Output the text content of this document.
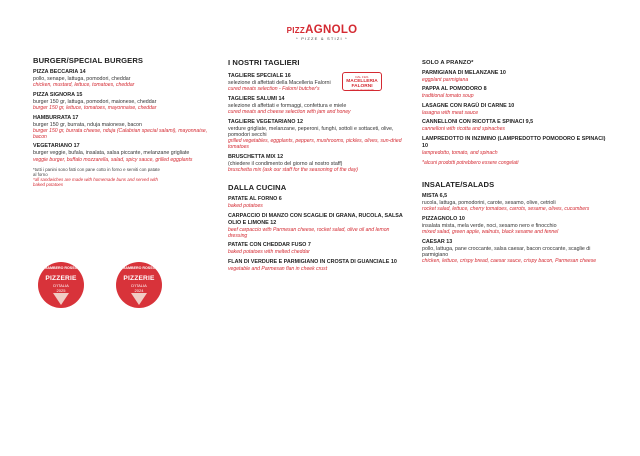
PIZZAGNOLO
* PIZZE & STIZI *
BURGER/SPECIAL BURGERS
PIZZA BECCARIA 14
pollo, senape, lattuga, pomodori, cheddar
chicken, mustard, lettuce, tomatoes, cheddar
PIZZA SIGNORA 15
burger 150 gr, lattuga, pomodori, maionese, cheddar
burger 150 gr, lettuce, tomatoes, mayonnaise, cheddar
HAMBURRATA 17
burger 150 gr, burrata, nduja maionese, bacon
burger 150 gr, burrata cheese, nduja (Calabrian special salami), mayonnaise, bacon
VEGETARIANO 17
burger veggie, bufala, insalata, salsa piccante, melanzane grigliate
veggie burger, buffalo mozzarella, salad, spicy sauce, grilled eggplants
*tutti i panini sono fatti con pane cotto in forno e serviti con patate al forno
*all sandwiches are made with homemade buns and served with baked potatoes
GAMBERO ROSSO
PIZZERIE
D'ITALIA
2025
GAMBERO ROSSO
PIZZERIE
D'ITALIA
2024
I NOSTRI TAGLIERI
TAGLIERE SPECIALE 16
selezione di affettati della Macelleria Falorni
cured meats selection - Falorni butcher's
TAGLIERE SALUMI 14
selezione di affettati e formaggi, confettura e miele
cured meats and cheese selection with jam and honey
TAGLIERE VEGETARIANO 12
verdure grigliate, melanzane, peperoni, funghi, sottoli e sottaceti, olive, pomodori secchi
grilled vegetables, eggplants, peppers, mushrooms, pickles, olives, sun-dried tomatoes
BRUSCHETTA MIX 12
(chiedere il condimento del giorno al nostro staff)
bruschetta mix (ask our staff for the seasoning of the day)
DALLA CUCINA
PATATE AL FORNO 6
baked potatoes
CARPACCIO DI MANZO CON SCAGLIE DI GRANA, RUCOLA, SALSA OLIO E LIMONE 12
beef carpaccio with Parmesan cheese, rocket salad, olive oil and lemon dressing
PATATE CON CHEDDAR FUSO 7
baked potatoes with melted cheddar
FLAN DI VERDURE E PARMIGIANO IN CROSTA DI GUANCIALE 10
vegetable and Parmesan flan in cheek crust
DAL 1921
MACELLERIA FALORNI
GREVE IN CHIANTI
SOLO A PRANZO*
PARMIGIANA DI MELANZANE 10
eggplant parmigiana
PAPPA AL POMODORO 8
traditional tomato soup
LASAGNE CON RAGÙ DI CARNE 10
lasagna with meat sauce
CANNELLONI CON RICOTTA E SPINACI 9,5
cannelloni with ricotta and spinaches
LAMPREDOTTO IN INZIMINO (LAMPREDOTTO POMODORO E SPINACI) 10
lampredotto, tomato, and spinach
*alcuni prodotti potrebbero essere congelati
INSALATE/SALADS
MISTA 6,5
rucola, lattuga, pomodorini, carote, sesamo, olive, cetrioli
rocket salad, lettuce, cherry tomatoes, carrots, sesame, olives, cucumbers
PIZZAGNOLO 10
insalata mista, mela verde, noci, sesamo nero e finocchio
mixed salad, green apple, walnuts, black sesame and fennel
CAESAR 13
pollo, lattuga, pane croccante, salsa caesar, bacon croccante, scaglie di parmigiano
chicken, lettuce, crispy bread, caesar sauce, crispy bacon, Parmesan cheese
